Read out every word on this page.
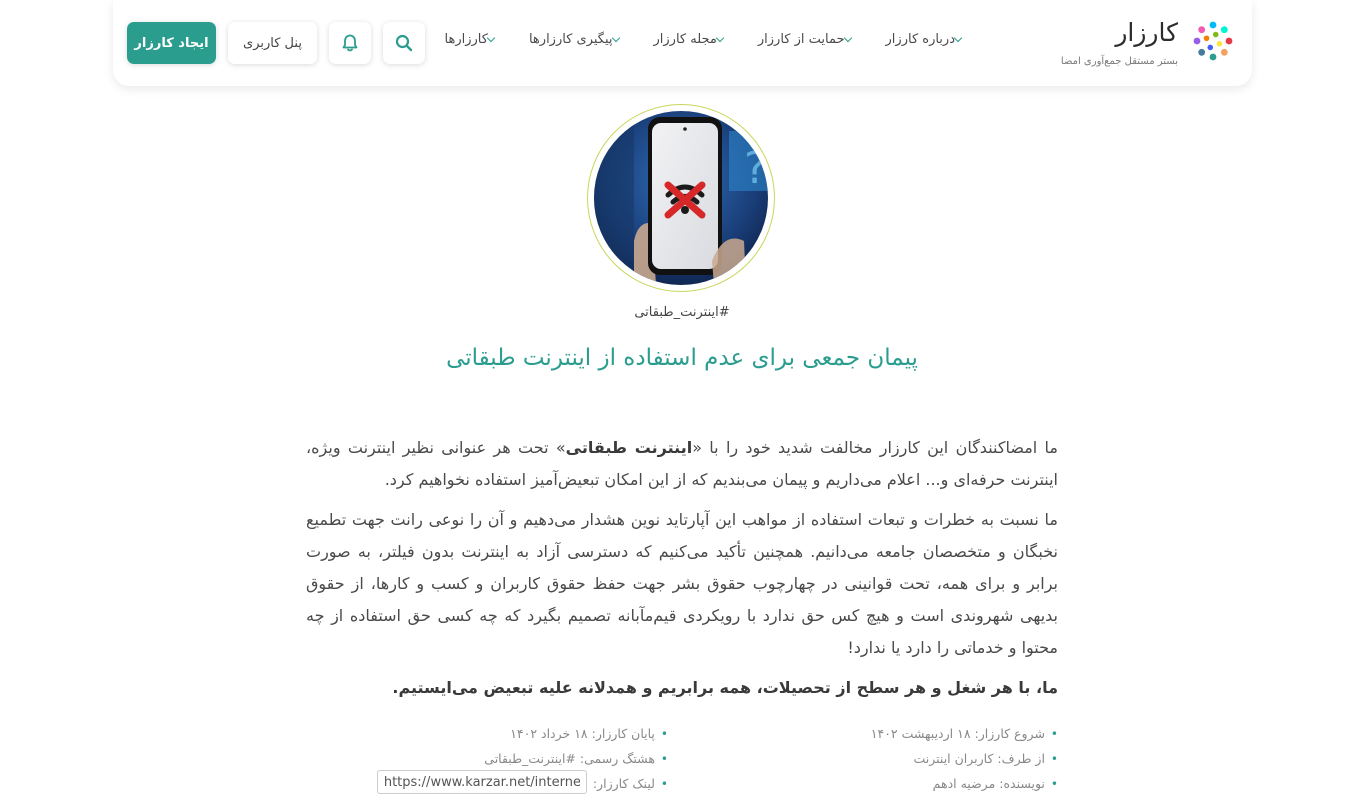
کارزار
بستر مستقل جمع‌آوری امضا
کارزارها	پیگیری کارزارها	مجله کارزار	حمایت از کارزار	درباره کارزار
پنل کاربری
ایجاد کارزار
?
#اینترنت_طبقاتی
پیمان جمعی برای عدم استفاده از اینترنت طبقاتی

ما امضاکنندگان این کارزار مخالفت شدید خود را با «اینترنت طبقاتی» تحت هر عنوانی نظیر اینترنت ویژه، اینترنت حرفه‌ای و... اعلام می‌داریم و پیمان می‌بندیم که از این امکان تبعیض‌آمیز استفاده نخواهیم کرد.

ما نسبت به خطرات و تبعات استفاده از مواهب این آپارتاید نوین هشدار می‌دهیم و آن را نوعی رانت جهت تطمیع نخبگان و متخصصان جامعه می‌دانیم. همچنین تأکید می‌کنیم که دسترسی آزاد به اینترنت بدون فیلتر، به صورت برابر و برای همه، تحت قوانینی در چهارچوب حقوق بشر جهت حفظ حقوق کاربران و کسب و کارها، از حقوق بدیهی شهروندی است و هیچ کس حق ندارد با رویکردی قیم‌مآبانه تصمیم بگیرد که چه کسی حق استفاده از چه محتوا و خدماتی را دارد یا ندارد!

ما، با هر شغل و هر سطح از تحصیلات، همه برابریم و همدلانه علیه تبعیض می‌ایستیم.

•
شروع کارزار: ۱۸ اردیبهشت ۱۴۰۲
•
از طرف: کاربران اینترنت
•
نویسنده: مرضیه ادهم
•
پایان کارزار: ۱۸ خرداد ۱۴۰۲
•
هشتگ رسمی: #اینترنت_طبقاتی
•
لینک کارزار:
https://www.karzar.net/internet
